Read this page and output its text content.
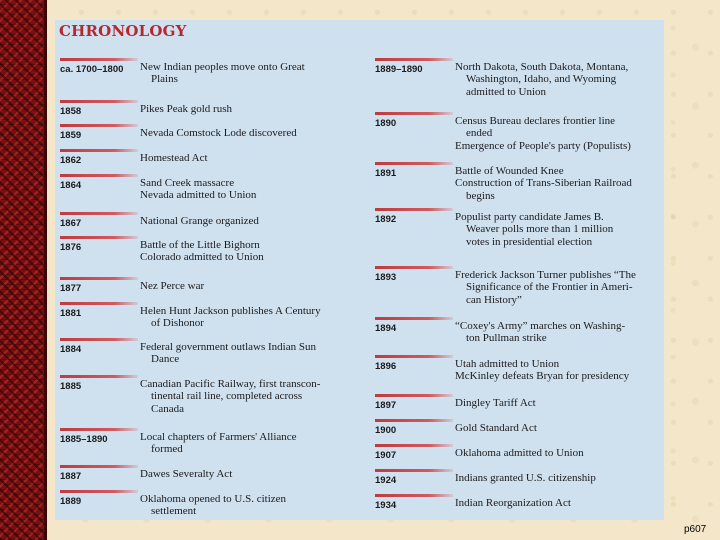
CHRONOLOGY
ca. 1700–1800 New Indian peoples move onto Great
Plains
1858	Pikes Peak gold rush
1859	Nevada Comstock Lode discovered
1862	Homestead Act
1864	Sand Creek massacre
Nevada admitted to Union
1867	National Grange organized
1876	Battle of the Little Bighorn
Colorado admitted to Union
1877	Nez Perce war
1881	Helen Hunt Jackson publishes A Century
of Dishonor
1884	Federal government outlaws Indian Sun
Dance
1885	Canadian Pacific Railway, first transcon-
tinental rail line, completed across
Canada
1885–1890	Local chapters of Farmers' Alliance
formed
1887	Dawes Severalty Act
1889	Oklahoma opened to U.S. citizen
settlement
1889–1890	North Dakota, South Dakota, Montana,
Washington, Idaho, and Wyoming
admitted to Union
1890	Census Bureau declares frontier line
ended
Emergence of People's party (Populists)
1891	Battle of Wounded Knee
Construction of Trans-Siberian Railroad
begins
1892	Populist party candidate James B.
Weaver polls more than 1 million
votes in presidential election
1893	Frederick Jackson Turner publishes “The
Significance of the Frontier in Ameri-
can History”
1894	“Coxey's Army” marches on Washing-
ton Pullman strike
1896	Utah admitted to Union
McKinley defeats Bryan for presidency
1897	Dingley Tariff Act
1900	Gold Standard Act
1907	Oklahoma admitted to Union
1924	Indians granted U.S. citizenship
1934	Indian Reorganization Act
p607
